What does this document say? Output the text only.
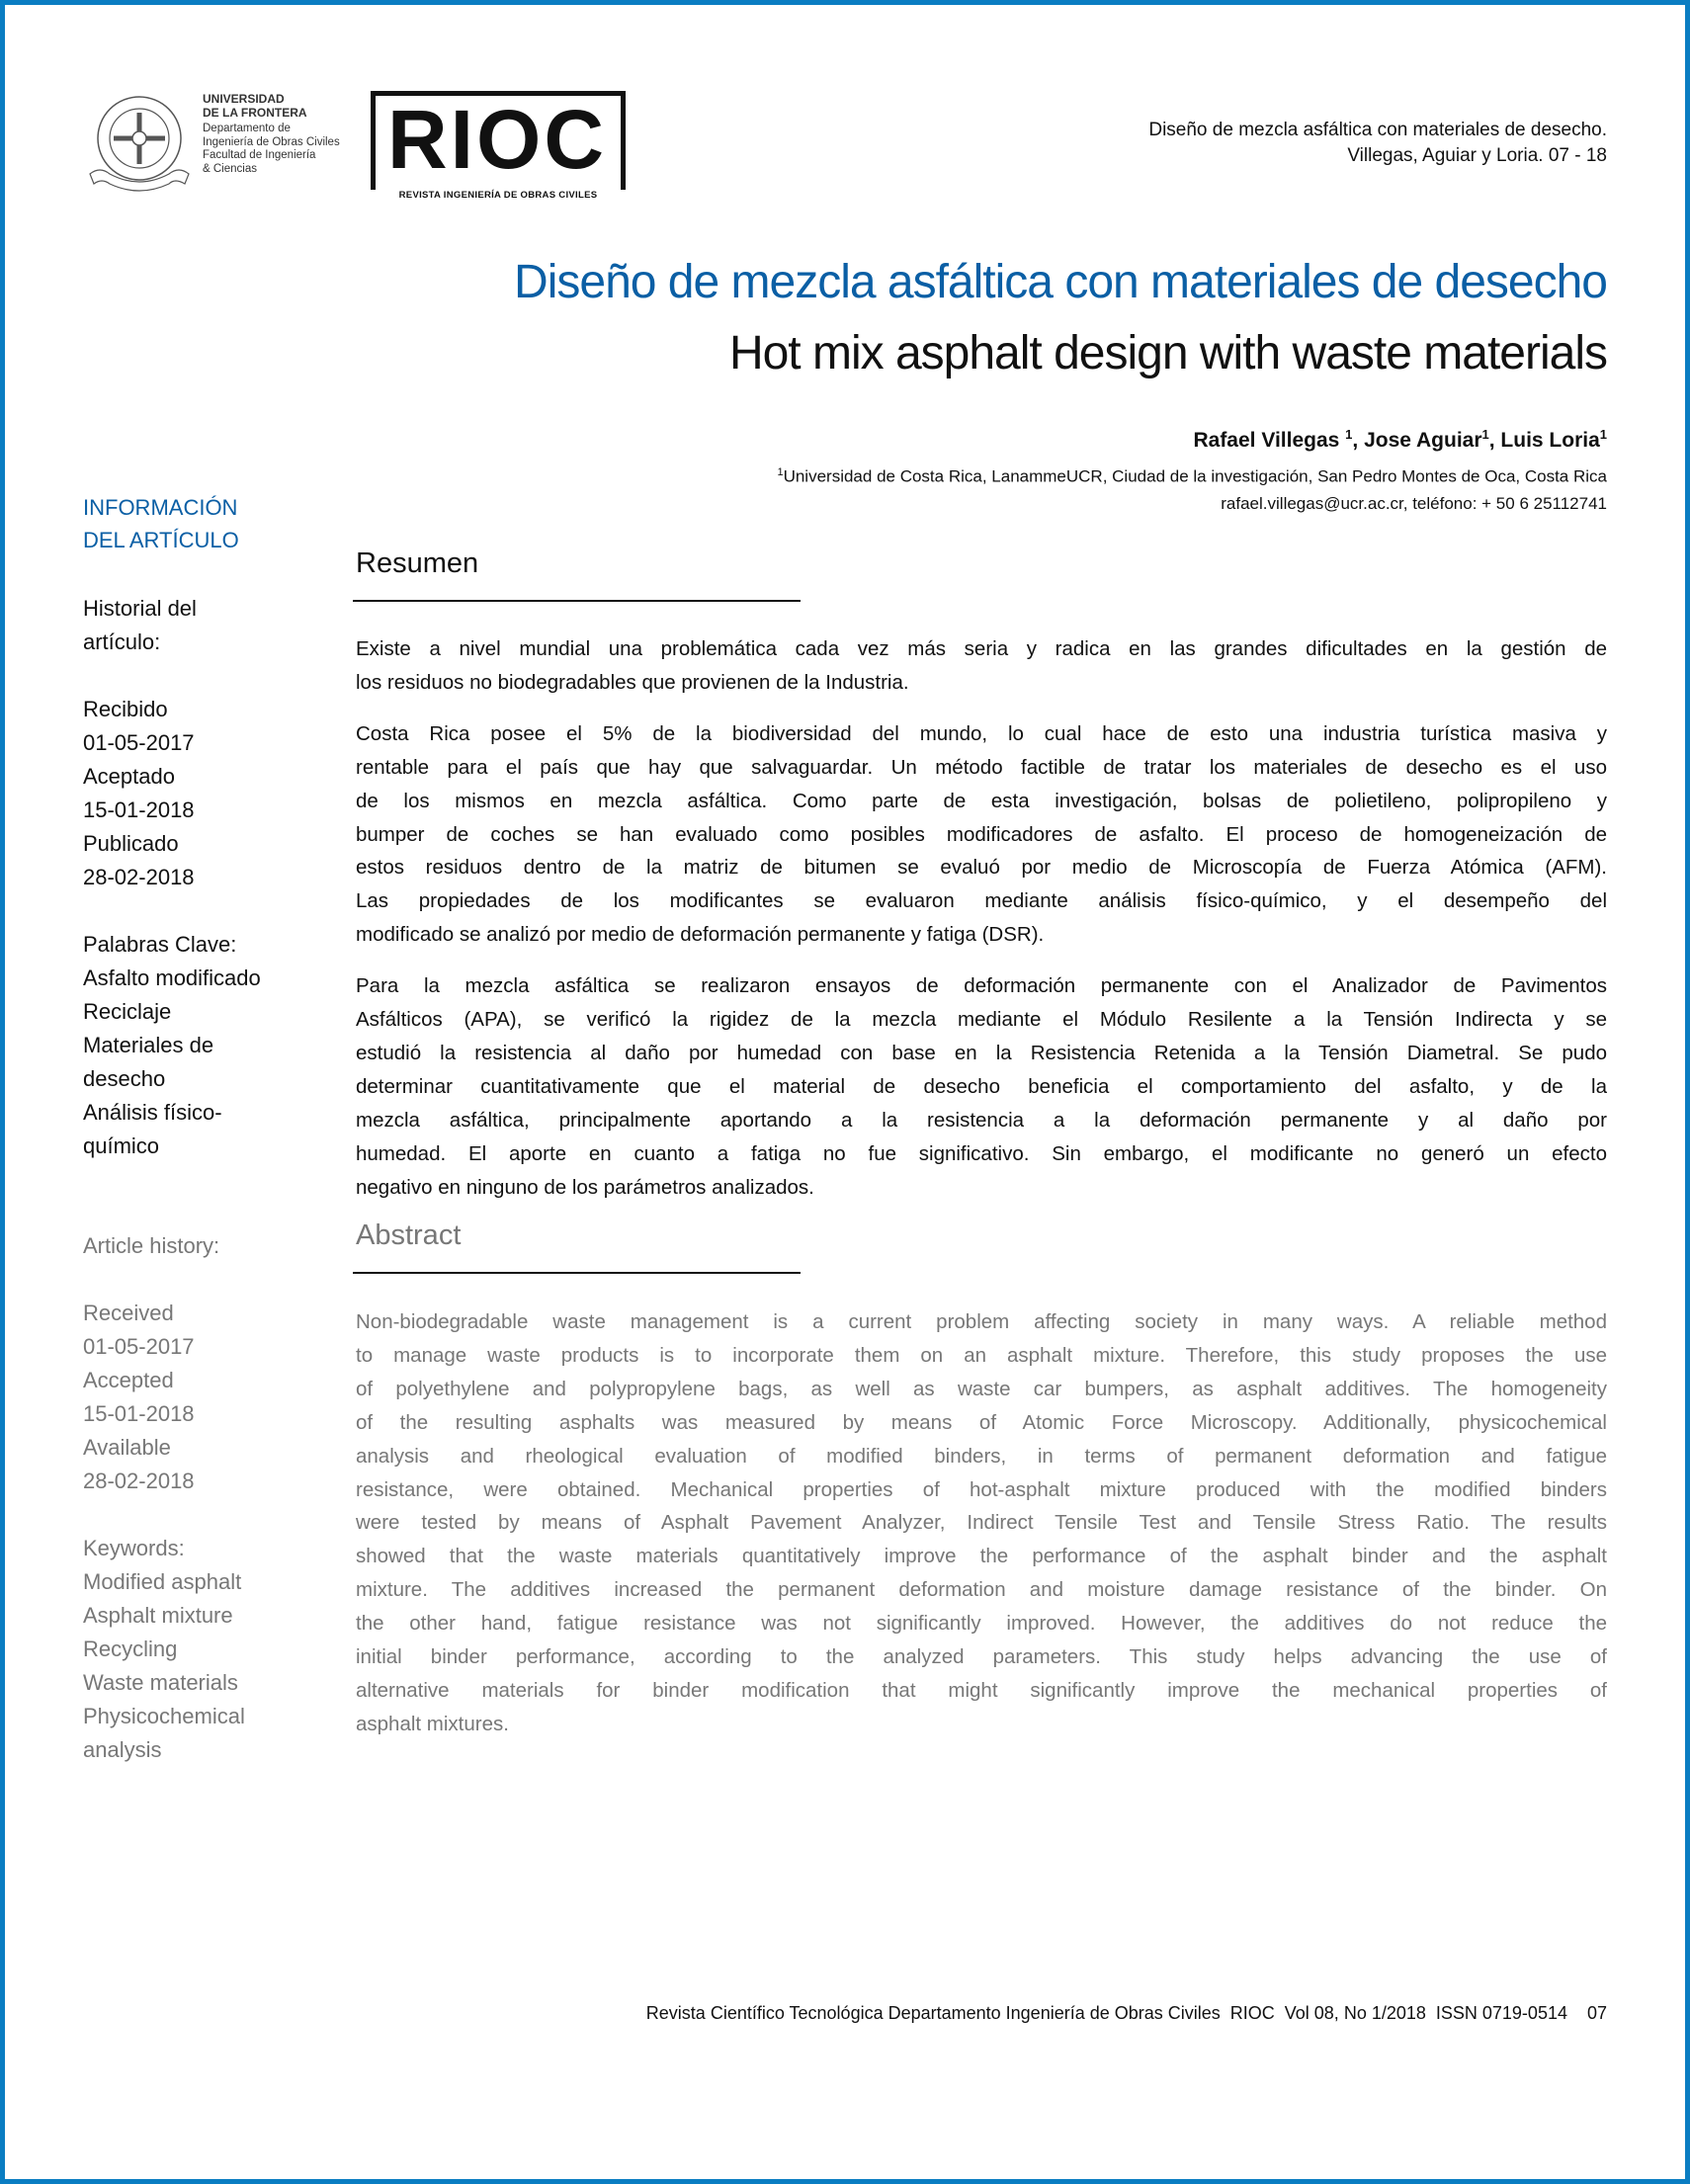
UNIVERSIDAD
DE LA FRONTERA
Departamento de
Ingeniería de Obras Civiles
Facultad de Ingeniería
& Ciencias	RIOC
REVISTA INGENIERÍA DE OBRAS CIVILES
Diseño de mezcla asfáltica con materiales de desecho.
Villegas, Aguiar y Loria. 07 - 18
Diseño de mezcla asfáltica con materiales de desecho
Hot mix asphalt design with waste materials
Rafael Villegas $^1$, Jose Aguiar$^1$, Luis Loria$^1$
$^1$Universidad de Costa Rica, LanammeUCR, Ciudad de la investigación, San Pedro Montes de Oca, Costa Rica
rafael.villegas@ucr.ac.cr, teléfono: + 50 6 25112741
INFORMACIÓN
DEL ARTÍCULO
Historial del
artículo:
Recibido
01-05-2017
Aceptado
15-01-2018
Publicado
28-02-2018
Palabras Clave:
Asfalto modificado
Reciclaje
Materiales de
desecho
Análisis físico-
químico
Article history:
Received
01-05-2017
Accepted
15-01-2018
Available
28-02-2018
Keywords:
Modified asphalt
Asphalt mixture
Recycling
Waste materials
Physicochemical
analysis
Resumen
Existe a nivel mundial una problemática cada vez más seria y radica en las grandes dificultades en la gestión de
los residuos no biodegradables que provienen de la Industria.
Costa Rica posee el 5% de la biodiversidad del mundo, lo cual hace de esto una industria turística masiva y
rentable para el país que hay que salvaguardar. Un método factible de tratar los materiales de desecho es el uso
de los mismos en mezcla asfáltica. Como parte de esta investigación, bolsas de polietileno, polipropileno y
bumper de coches se han evaluado como posibles modificadores de asfalto. El proceso de homogeneización de
estos residuos dentro de la matriz de bitumen se evaluó por medio de Microscopía de Fuerza Atómica (AFM).
Las propiedades de los modificantes se evaluaron mediante análisis físico-químico, y el desempeño del
modificado se analizó por medio de deformación permanente y fatiga (DSR).
Para la mezcla asfáltica se realizaron ensayos de deformación permanente con el Analizador de Pavimentos
Asfálticos (APA), se verificó la rigidez de la mezcla mediante el Módulo Resilente a la Tensión Indirecta y se
estudió la resistencia al daño por humedad con base en la Resistencia Retenida a la Tensión Diametral. Se pudo
determinar cuantitativamente que el material de desecho beneficia el comportamiento del asfalto, y de la
mezcla asfáltica, principalmente aportando a la resistencia a la deformación permanente y al daño por
humedad. El aporte en cuanto a fatiga no fue significativo. Sin embargo, el modificante no generó un efecto
negativo en ninguno de los parámetros analizados.
Abstract
Non-biodegradable waste management is a current problem affecting society in many ways. A reliable method
to manage waste products is to incorporate them on an asphalt mixture. Therefore, this study proposes the use
of polyethylene and polypropylene bags, as well as waste car bumpers, as asphalt additives. The homogeneity
of the resulting asphalts was measured by means of Atomic Force Microscopy. Additionally, physicochemical
analysis and rheological evaluation of modified binders, in terms of permanent deformation and fatigue
resistance, were obtained. Mechanical properties of hot-asphalt mixture produced with the modified binders
were tested by means of Asphalt Pavement Analyzer, Indirect Tensile Test and Tensile Stress Ratio. The results
showed that the waste materials quantitatively improve the performance of the asphalt binder and the asphalt
mixture. The additives increased the permanent deformation and moisture damage resistance of the binder. On
the other hand, fatigue resistance was not significantly improved. However, the additives do not reduce the
initial binder performance, according to the analyzed parameters. This study helps advancing the use of
alternative materials for binder modification that might significantly improve the mechanical properties of
asphalt mixtures.
Revista Científico Tecnológica Departamento Ingeniería de Obras Civiles  RIOC  Vol 08, No 1/2018  ISSN 0719-0514    07
